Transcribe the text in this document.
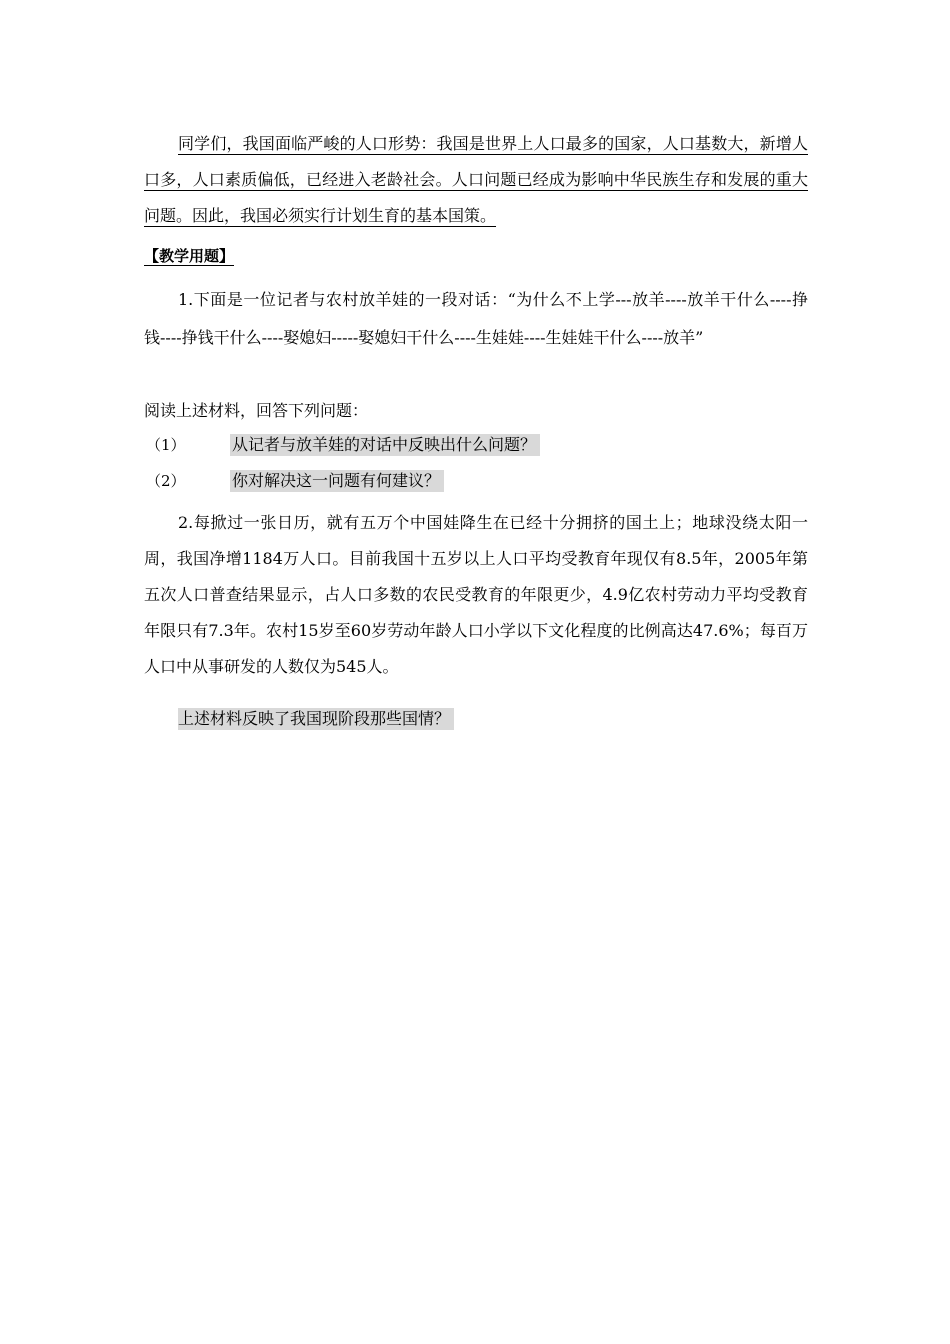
同学们，我国面临严峻的人口形势：我国是世界上人口最多的国家，人口基数大，新增人口多，人口素质偏低，已经进入老龄社会。人口问题已经成为影响中华民族生存和发展的重大问题。因此，我国必须实行计划生育的基本国策。
【教学用题】
1.下面是一位记者与农村放羊娃的一段对话：“为什么不上学---放羊----放羊干什么----挣钱----挣钱干什么----娶媳妇-----娶媳妇干什么----生娃娃----生娃娃干什么----放羊”
阅读上述材料，回答下列问题：
（1）	从记者与放羊娃的对话中反映出什么问题？
（2）	你对解决这一问题有何建议？
2.每掀过一张日历，就有五万个中国娃降生在已经十分拥挤的国土上；地球没绕太阳一周，我国净增1184万人口。目前我国十五岁以上人口平均受教育年现仅有8.5年，2005年第五次人口普查结果显示，占人口多数的农民受教育的年限更少，4.9亿农村劳动力平均受教育年限只有7.3年。农村15岁至60岁劳动年龄人口小学以下文化程度的比例高达47.6%；每百万人口中从事研发的人数仅为545人。
上述材料反映了我国现阶段那些国情？
